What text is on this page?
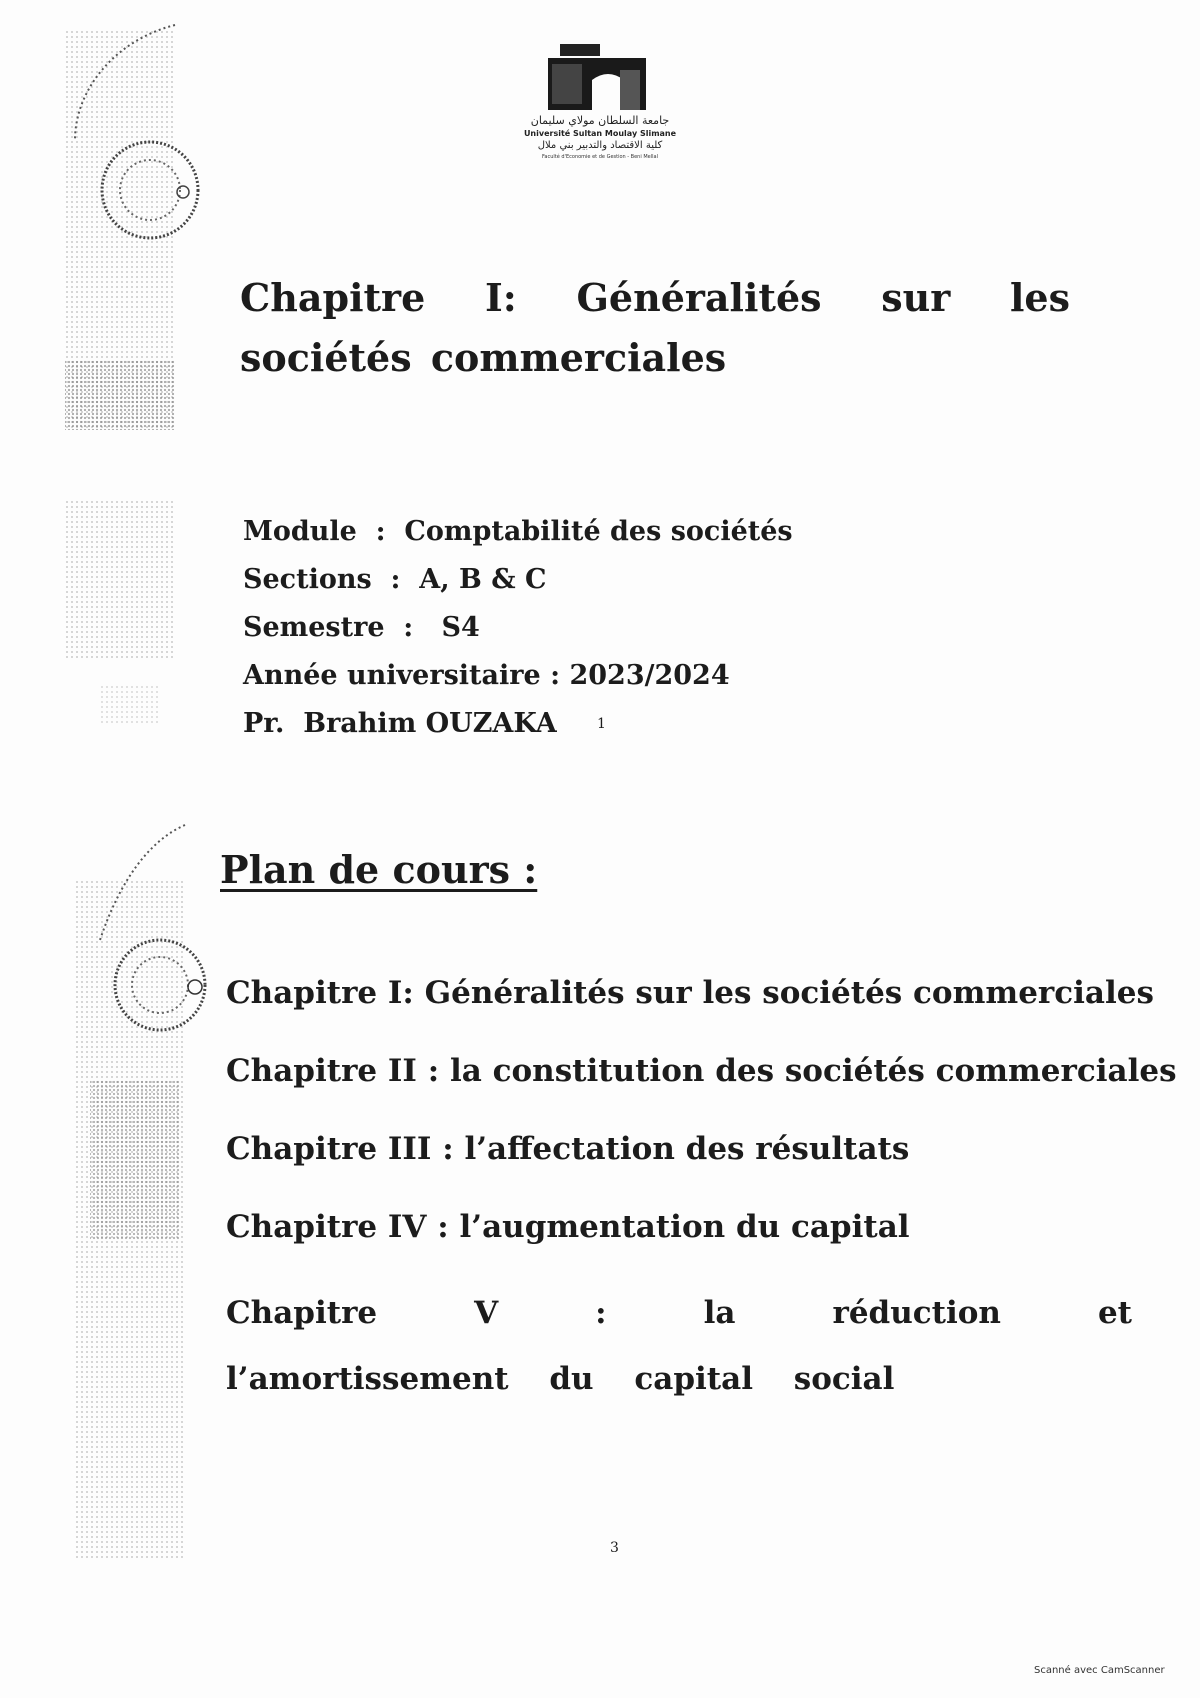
جامعة السلطان مولاي سليمان
Université Sultan Moulay Slimane
كلية الاقتصاد والتدبير بني ملال
Faculté d'Economie et de Gestion - Beni Mellal
Chapitre I: Généralités sur les sociétés commerciales
Module  :  Comptabilité des sociétés
Sections  :  A, B & C
Semestre  :   S4
Année universitaire : 2023/2024
Pr. Brahim OUZAKA	1
Plan de cours :
Chapitre I: Généralités sur les sociétés commerciales
Chapitre II : la constitution des sociétés commerciales
Chapitre III : l’affectation des résultats
Chapitre IV : l’augmentation du capital
Chapitre V :	la réduction et l’amortissement du capital social
3
Scanné avec CamScanner
